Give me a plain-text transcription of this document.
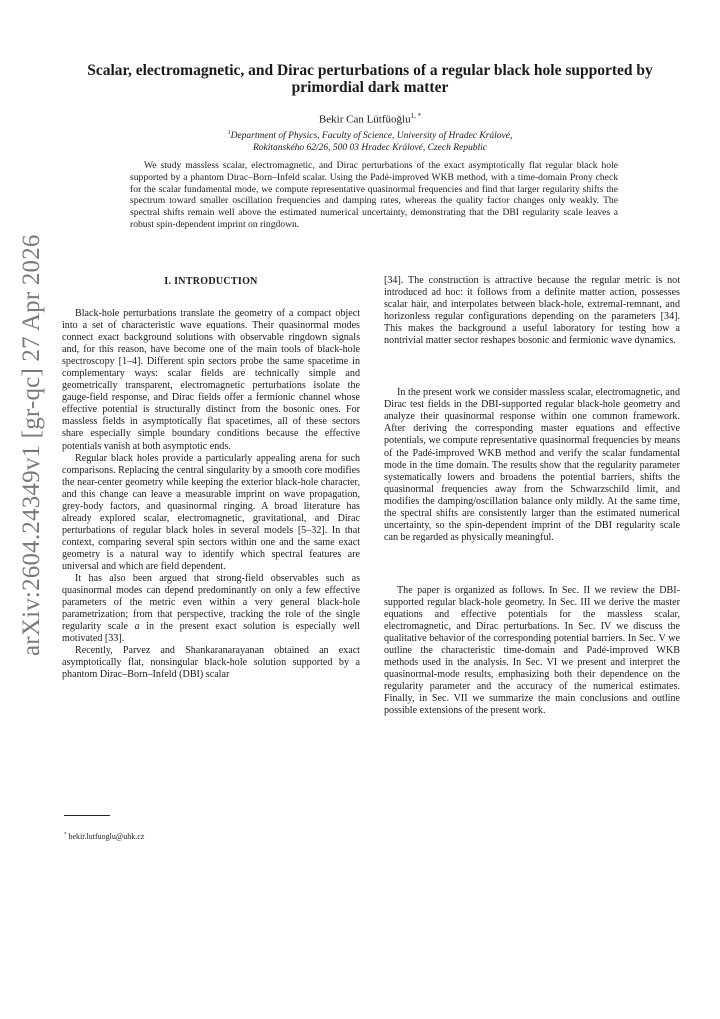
arXiv:2604.24349v1 [gr-qc] 27 Apr 2026
Scalar, electromagnetic, and Dirac perturbations of a regular black hole supported by primordial dark matter
Bekir Can Lütfüoğlu$^{1, *}$
$^1$Department of Physics, Faculty of Science, University of Hradec Králové,
Rokitanského 62/26, 500 03 Hradec Králové, Czech Republic
We study massless scalar, electromagnetic, and Dirac perturbations of the exact asymptotically flat regular black hole supported by a phantom Dirac–Born–Infeld scalar. Using the Padé-improved WKB method, with a time-domain Prony check for the scalar fundamental mode, we compute representative quasinormal frequencies and find that larger regularity shifts the spectrum toward smaller oscillation frequencies and damping rates, whereas the quality factor changes only weakly. The spectral shifts remain well above the estimated numerical uncertainty, demonstrating that the DBI regularity scale leaves a robust spin-dependent imprint on ringdown.
I. INTRODUCTION

Black-hole perturbations translate the geometry of a compact object into a set of characteristic wave equations. Their quasinormal modes connect exact background solutions with observable ringdown signals and, for this reason, have become one of the main tools of black-hole spectroscopy [1–4]. Different spin sectors probe the same spacetime in complementary ways: scalar fields are technically simple and geometrically transparent, electromagnetic perturbations isolate the gauge-field response, and Dirac fields offer a fermionic channel whose effective potential is structurally distinct from the bosonic ones. For massless fields in asymptotically flat spacetimes, all of these sectors share especially simple boundary conditions because the effective potentials vanish at both asymptotic ends.

Regular black holes provide a particularly appealing arena for such comparisons. Replacing the central singularity by a smooth core modifies the near-center geometry while keeping the exterior black-hole character, and this change can leave a measurable imprint on wave propagation, grey-body factors, and quasinormal ringing. A broad literature has already explored scalar, electromagnetic, gravitational, and Dirac perturbations of regular black holes in several models [5–32]. In that context, comparing several spin sectors within one and the same exact geometry is a natural way to identify which spectral features are universal and which are field dependent.

It has also been argued that strong-field observables such as quasinormal modes can depend predominantly on only a few effective parameters of the metric even within a very general black-hole parametrization; from that perspective, tracking the role of the single regularity scale a in the present exact solution is especially well motivated [33].

Recently, Parvez and Shankaranarayanan obtained an exact asymptotically flat, nonsingular black-hole solution supported by a phantom Dirac–Born–Infeld (DBI) scalar

[34]. The construction is attractive because the regular metric is not introduced ad hoc: it follows from a definite matter action, possesses scalar hair, and interpolates between black-hole, extremal-remnant, and horizonless regular configurations depending on the parameters [34]. This makes the background a useful laboratory for testing how a nontrivial matter sector reshapes bosonic and fermionic wave dynamics.

In the present work we consider massless scalar, electromagnetic, and Dirac test fields in the DBI-supported regular black-hole geometry and analyze their quasinormal response within one common framework. After deriving the corresponding master equations and effective potentials, we compute representative quasinormal frequencies by means of the Padé-improved WKB method and verify the scalar fundamental mode in the time domain. The results show that the regularity parameter systematically lowers and broadens the potential barriers, shifts the quasinormal frequencies away from the Schwarzschild limit, and modifies the damping/oscillation balance only mildly. At the same time, the spectral shifts are consistently larger than the estimated numerical uncertainty, so the spin-dependent imprint of the DBI regularity scale can be regarded as physically meaningful.

The paper is organized as follows. In Sec. II we review the DBI-supported regular black-hole geometry. In Sec. III we derive the master equations and effective potentials for the massless scalar, electromagnetic, and Dirac perturbations. In Sec. IV we discuss the qualitative behavior of the corresponding potential barriers. In Sec. V we outline the characteristic time-domain and Padé-improved WKB methods used in the analysis. In Sec. VI we present and interpret the quasinormal-mode results, emphasizing both their dependence on the regularity parameter and the accuracy of the numerical estimates. Finally, in Sec. VII we summarize the main conclusions and outline possible extensions of the present work.

* bekir.lutfuoglu@uhk.cz
